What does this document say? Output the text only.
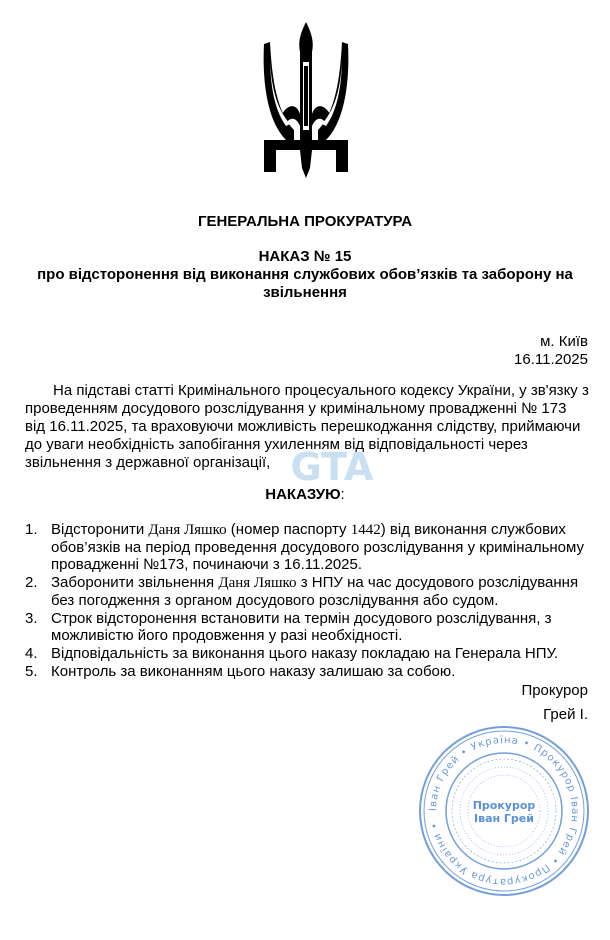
ГЕНЕРАЛЬНА ПРОКУРАТУРА
НАКАЗ № 15
про відсторонення від виконання службових обов’язків та заборону на
звільнення
м. Київ
16.11.2025

На підставі статті Кримінального процесуального кодексу України, у зв'язку з проведенням досудового розслідування у кримінальному провадженні № 173 від 16.11.2025, та враховуючи можливість перешкоджання слідству, приймаючи до уваги необхідність запобігання ухиленням від відповідальності через звільнення з державної організації, GTA
НАКАЗУЮ:
1. Відсторонити Даня Ляшко (номер паспорту 1442) від виконання службових обов’язків на період проведення досудового розслідування у кримінальному провадженні №173, починаючи з 16.11.2025.
2. Заборонити звільнення Даня Ляшко з НПУ на час досудового розслідування без погодження з органом досудового розслідування або судом.
3. Строк відсторонення встановити на термін досудового розслідування, з можливістю його продовження у разі необхідності.
4. Відповідальність за виконання цього наказу покладаю на Генерала НПУ.
5. Контроль за виконанням цього наказу залишаю за собою.
Прокурор
Грей І.
Іван Грей • Україна • Прокурор Іван Грей • Прокуратура України •
Прокурор
Іван Грей
